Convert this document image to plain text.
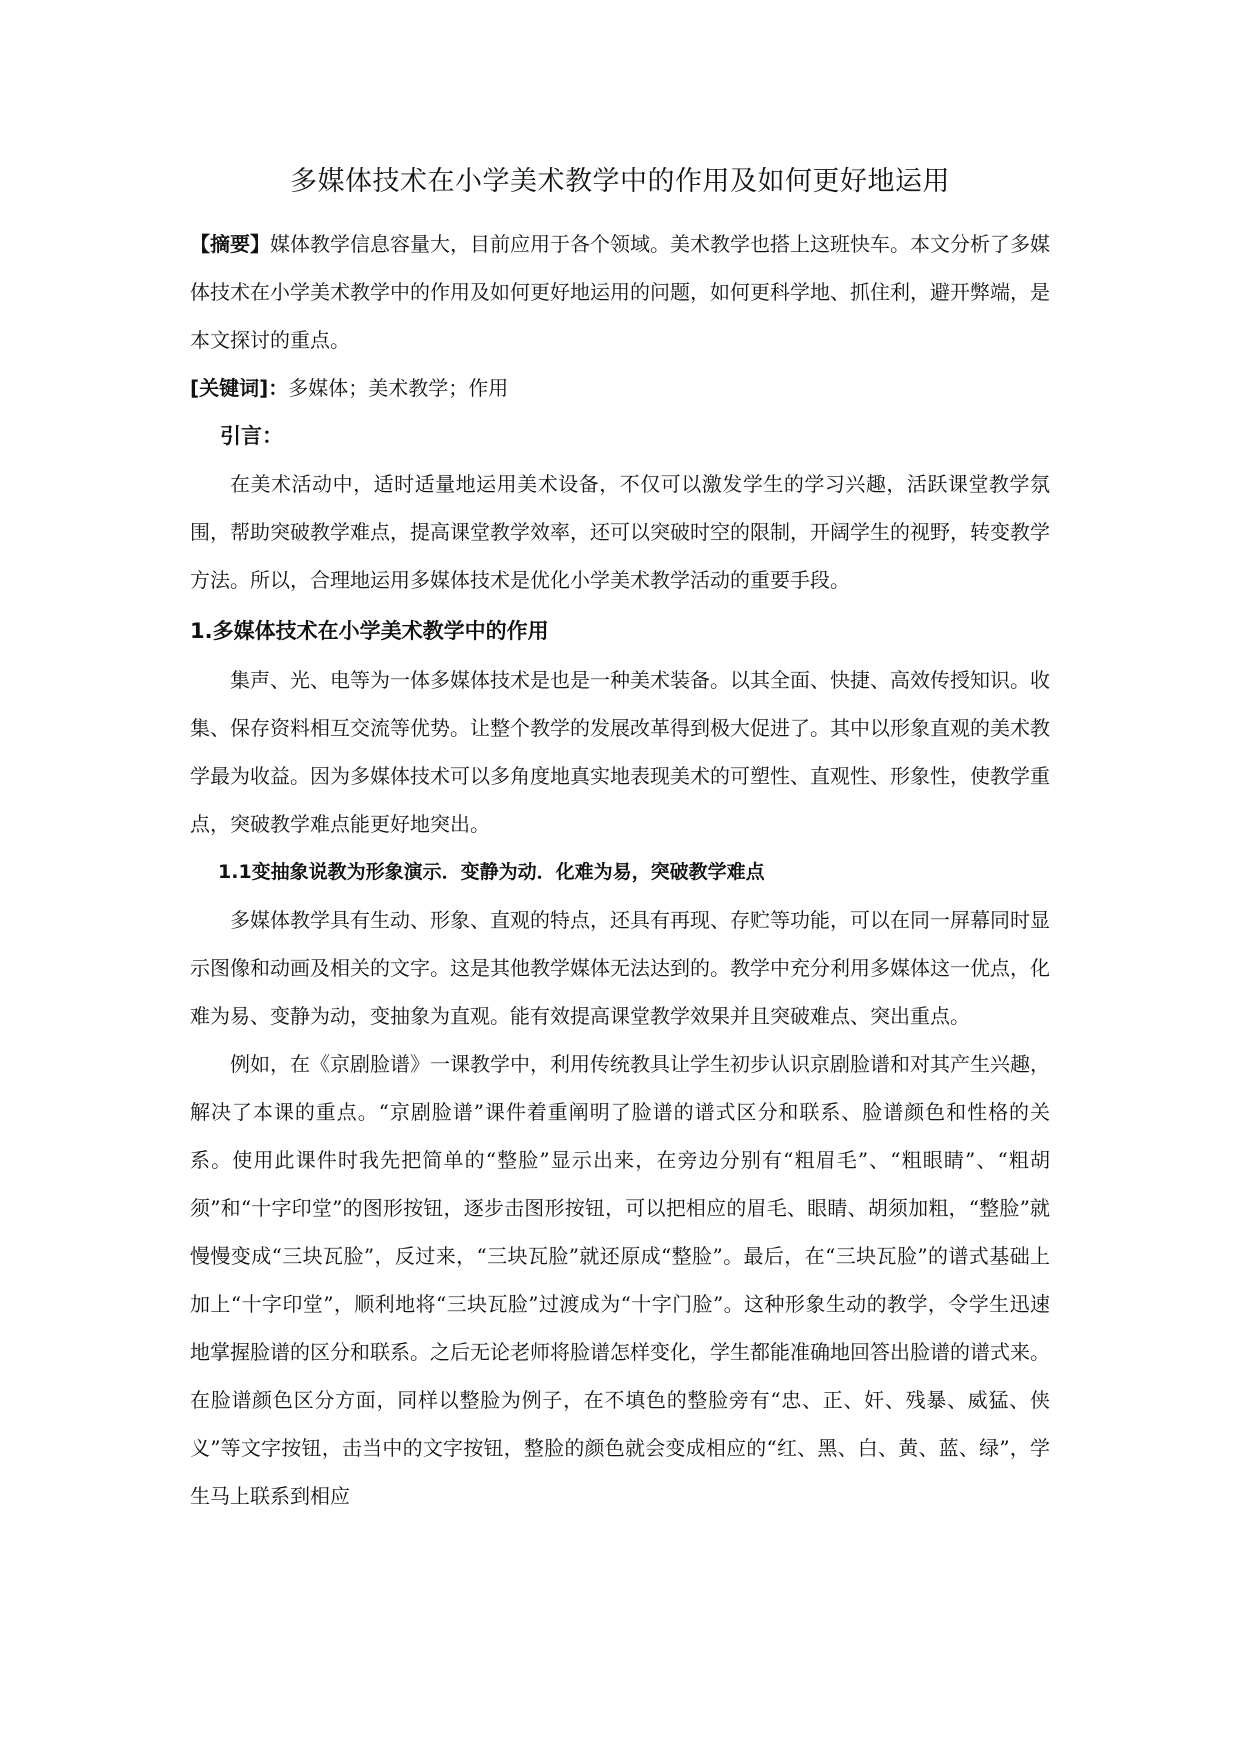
多媒体技术在小学美术教学中的作用及如何更好地运用

【摘要】媒体教学信息容量大，目前应用于各个领域。美术教学也搭上这班快车。本文分析了多媒体技术在小学美术教学中的作用及如何更好地运用的问题，如何更科学地、抓住利，避开弊端，是本文探讨的重点。

[关键词]：多媒体；美术教学；作用

引言：

在美术活动中，适时适量地运用美术设备，不仅可以激发学生的学习兴趣，活跃课堂教学氛围，帮助突破教学难点，提高课堂教学效率，还可以突破时空的限制，开阔学生的视野，转变教学方法。所以，合理地运用多媒体技术是优化小学美术教学活动的重要手段。

1.多媒体技术在小学美术教学中的作用

集声、光、电等为一体多媒体技术是也是一种美术装备。以其全面、快捷、高效传授知识。收集、保存资料相互交流等优势。让整个教学的发展改革得到极大促进了。其中以形象直观的美术教学最为收益。因为多媒体技术可以多角度地真实地表现美术的可塑性、直观性、形象性，使教学重点，突破教学难点能更好地突出。

1.1变抽象说教为形象演示．变静为动．化难为易，突破教学难点

多媒体教学具有生动、形象、直观的特点，还具有再现、存贮等功能，可以在同一屏幕同时显示图像和动画及相关的文字。这是其他教学媒体无法达到的。教学中充分利用多媒体这一优点，化难为易、变静为动，变抽象为直观。能有效提高课堂教学效果并且突破难点、突出重点。

例如，在《京剧脸谱》一课教学中，利用传统教具让学生初步认识京剧脸谱和对其产生兴趣，解决了本课的重点。“京剧脸谱”课件着重阐明了脸谱的谱式区分和联系、脸谱颜色和性格的关系。使用此课件时我先把简单的“整脸”显示出来，在旁边分别有“粗眉毛”、“粗眼睛”、“粗胡须”和“十字印堂”的图形按钮，逐步击图形按钮，可以把相应的眉毛、眼睛、胡须加粗，“整脸”就慢慢变成“三块瓦脸”，反过来，“三块瓦脸”就还原成“整脸”。最后，在“三块瓦脸”的谱式基础上加上“十字印堂”，顺利地将“三块瓦脸”过渡成为“十字门脸”。这种形象生动的教学，令学生迅速地掌握脸谱的区分和联系。之后无论老师将脸谱怎样变化，学生都能准确地回答出脸谱的谱式来。在脸谱颜色区分方面，同样以整脸为例子，在不填色的整脸旁有“忠、正、奸、残暴、威猛、侠义”等文字按钮，击当中的文字按钮，整脸的颜色就会变成相应的“红、黑、白、黄、蓝、绿”，学生马上联系到相应
